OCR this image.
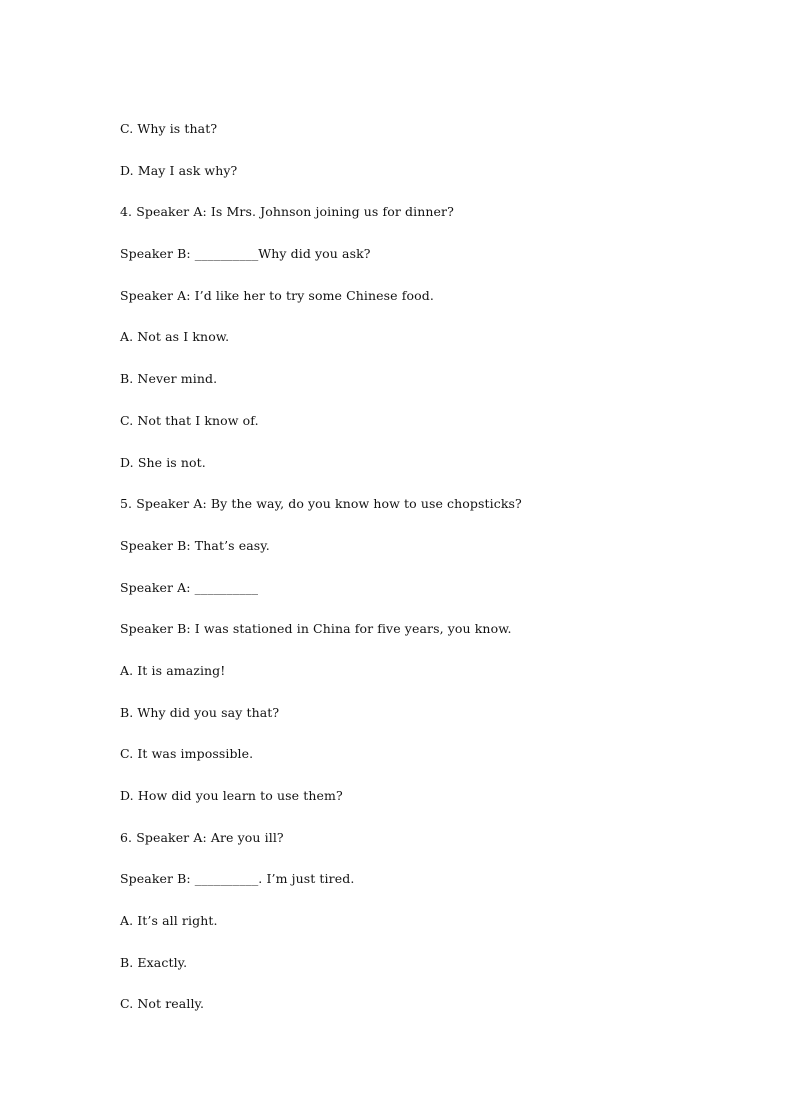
C. Why is that?
D. May I ask why?
4. Speaker A: Is Mrs. Johnson joining us for dinner?
Speaker B: __________Why did you ask?
Speaker A: I’d like her to try some Chinese food.
A. Not as I know.
B. Never mind.
C. Not that I know of.
D. She is not.
5. Speaker A: By the way, do you know how to use chopsticks?
Speaker B: That’s easy.
Speaker A: __________
Speaker B: I was stationed in China for five years, you know.
A. It is amazing!
B. Why did you say that?
C. It was impossible.
D. How did you learn to use them?
6. Speaker A: Are you ill?
Speaker B: __________. I’m just tired.
A. It’s all right.
B. Exactly.
C. Not really.
